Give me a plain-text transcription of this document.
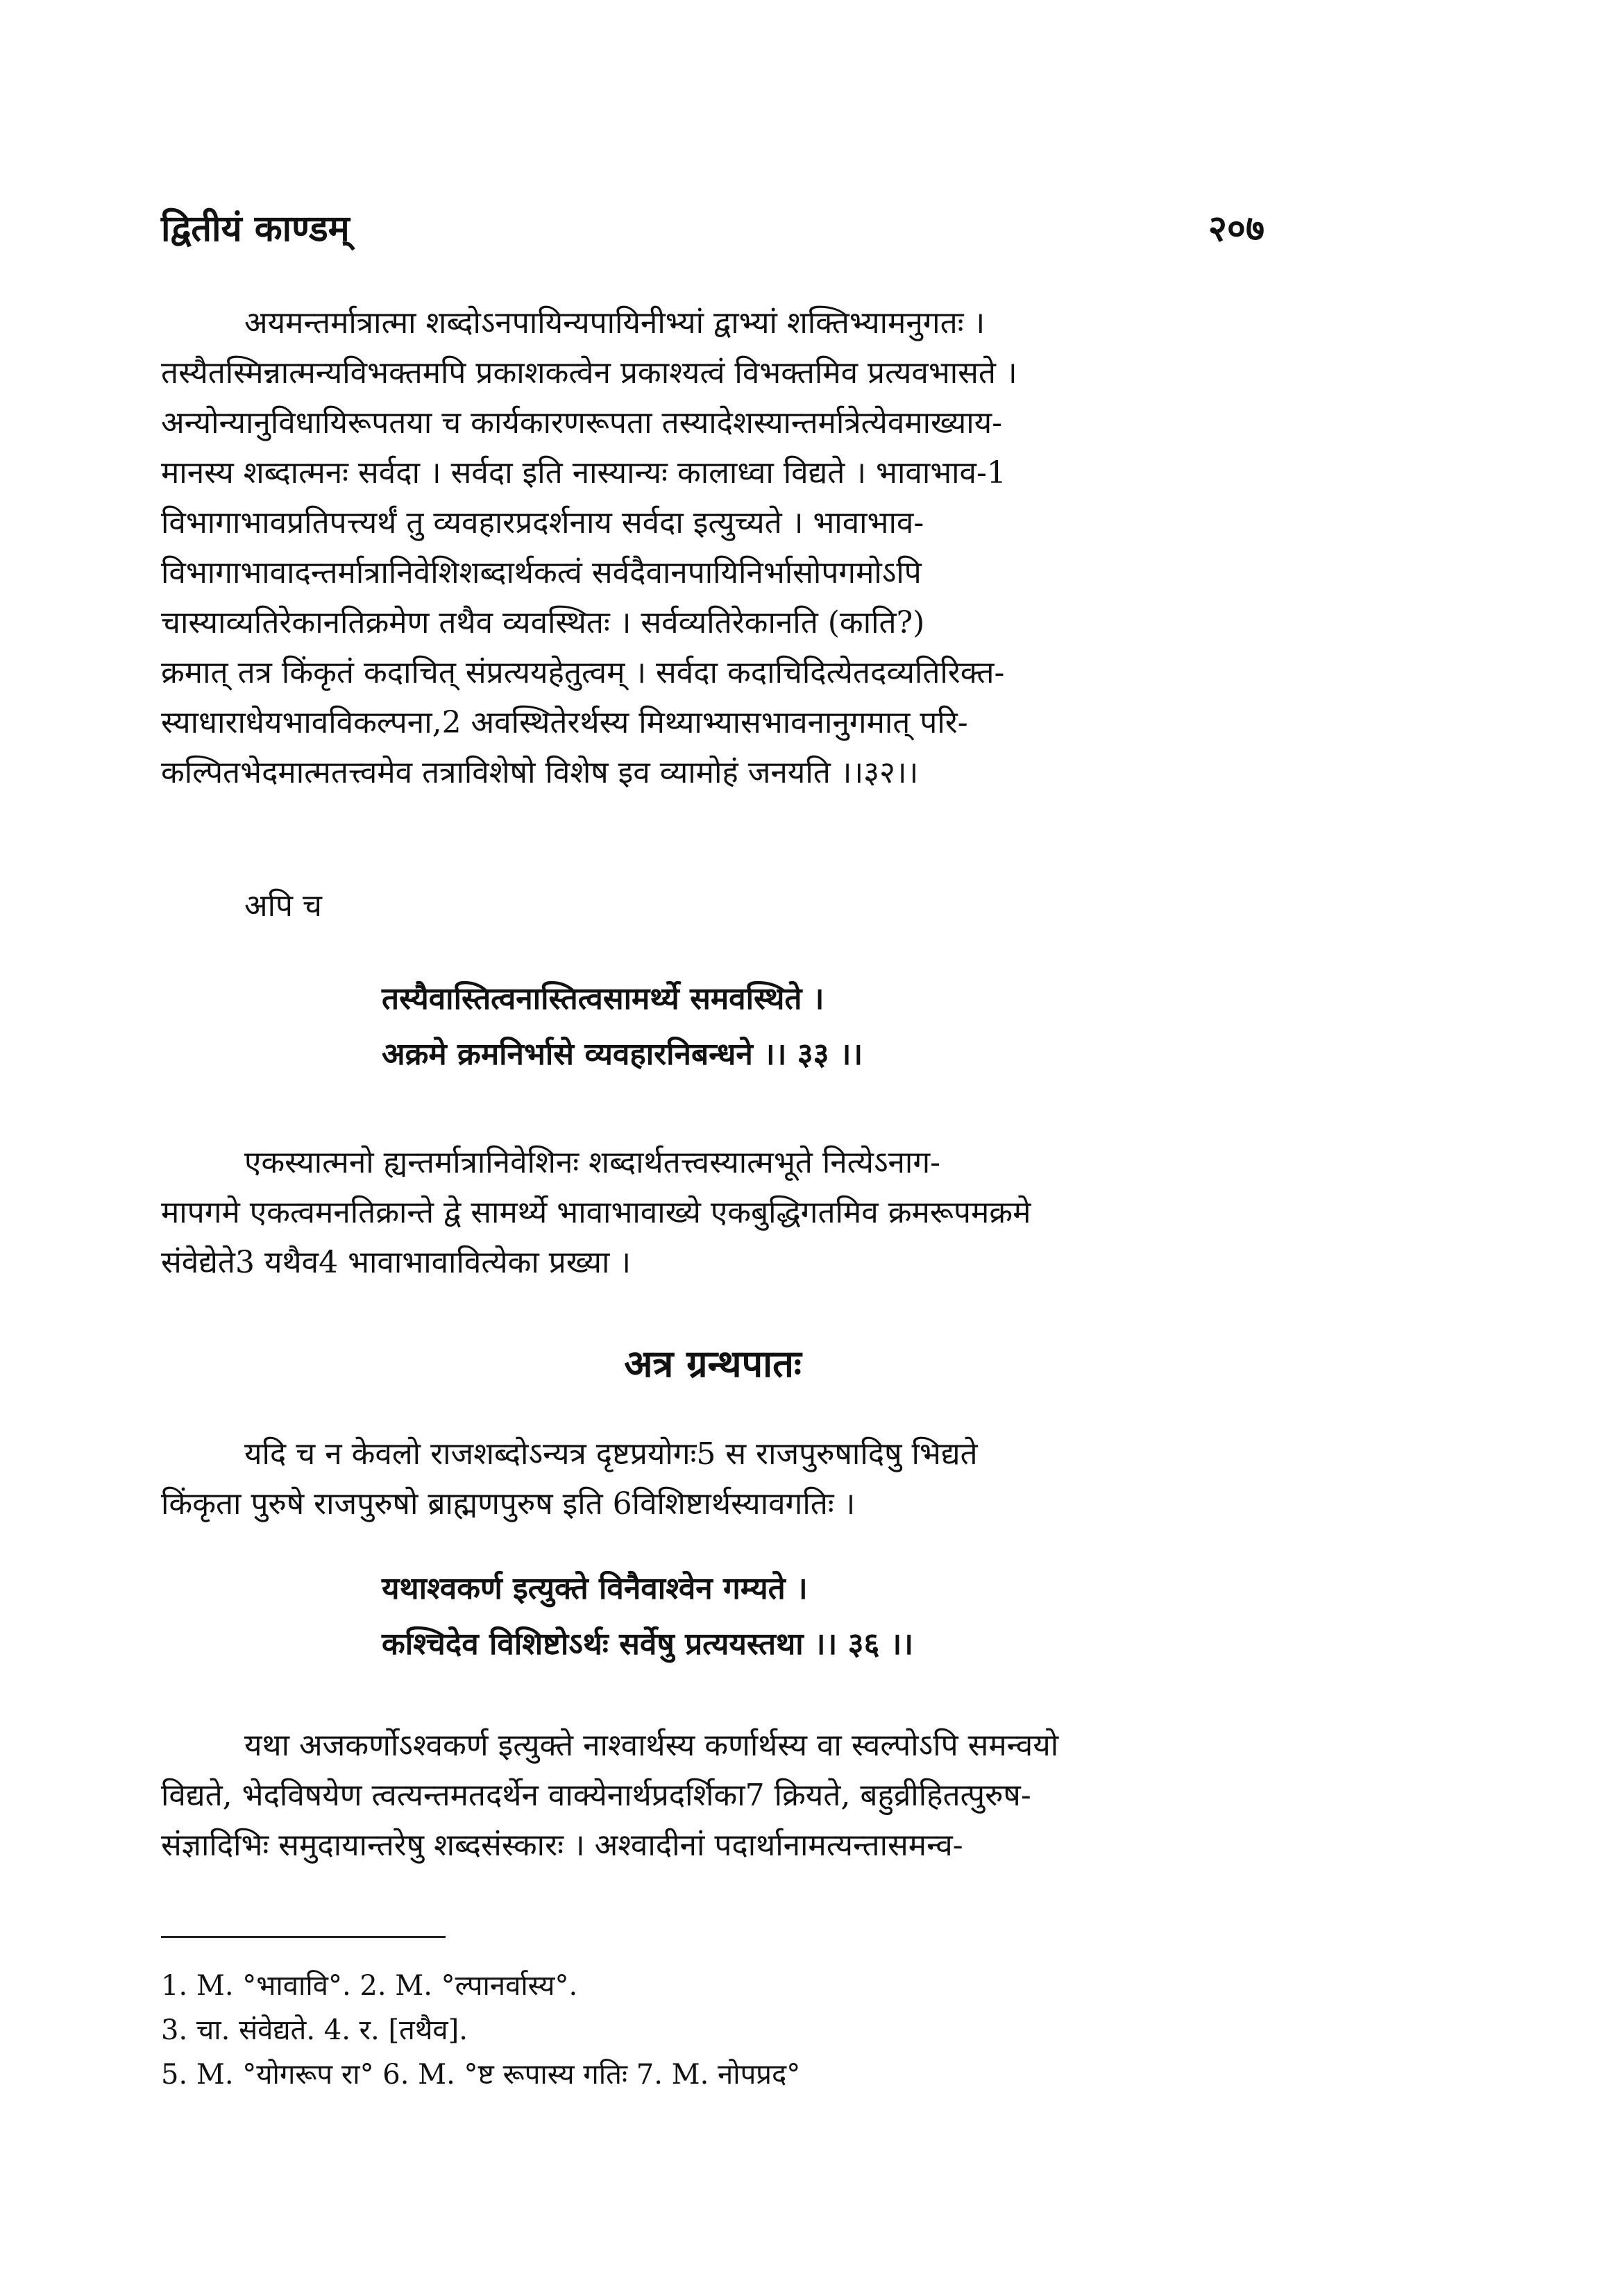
द्वितीयं काण्डम्	२०७
अयमन्तर्मात्रात्मा शब्दोऽनपायिन्यपायिनीभ्यां द्वाभ्यां शक्तिभ्यामनुगतः ।
तस्यैतस्मिन्नात्मन्यविभक्तमपि प्रकाशकत्वेन प्रकाश्यत्वं विभक्तमिव प्रत्यवभासते ।
अन्योन्यानुविधायिरूपतया च कार्यकारणरूपता तस्यादेशस्यान्तर्मात्रेत्येवमाख्याय-
मानस्य शब्दात्मनः सर्वदा । सर्वदा इति नास्यान्यः कालाध्वा विद्यते । भावाभाव-1
विभागाभावप्रतिपत्त्यर्थं तु व्यवहारप्रदर्शनाय सर्वदा इत्युच्यते । भावाभाव-
विभागाभावादन्तर्मात्रानिवेशिशब्दार्थकत्वं सर्वदैवानपायिनिर्भासोपगमोऽपि
चास्याव्यतिरेकानतिक्रमेण तथैव व्यवस्थितः । सर्वव्यतिरेकानति (काति?)
क्रमात् तत्र किंकृतं कदाचित् संप्रत्ययहेतुत्वम् । सर्वदा कदाचिदित्येतदव्यतिरिक्त-
स्याधाराधेयभावविकल्पना,2 अवस्थितेरर्थस्य मिथ्याभ्यासभावनानुगमात् परि-
कल्पितभेदमात्मतत्त्वमेव तत्राविशेषो विशेष इव व्यामोहं जनयति ।।३२।।
अपि च
तस्यैवास्तित्वनास्तित्वसामर्थ्ये समवस्थिते ।
अक्रमे क्रमनिर्भासे व्यवहारनिबन्धने ।। ३३ ।।
एकस्यात्मनो ह्यन्तर्मात्रानिवेशिनः शब्दार्थतत्त्वस्यात्मभूते नित्येऽनाग-
मापगमे एकत्वमनतिक्रान्ते द्वे सामर्थ्ये भावाभावाख्ये एकबुद्धिगतमिव क्रमरूपमक्रमे
संवेद्येते3 यथैव4 भावाभावावित्येका प्रख्या ।
अत्र ग्रन्थपातः
यदि च न केवलो राजशब्दोऽन्यत्र दृष्टप्रयोगः5 स राजपुरुषादिषु भिद्यते
किंकृता पुरुषे राजपुरुषो ब्राह्मणपुरुष इति 6विशिष्टार्थस्यावगतिः ।
यथाश्वकर्ण इत्युक्ते विनैवाश्वेन गम्यते ।
कश्चिदेव विशिष्टोऽर्थः सर्वेषु प्रत्ययस्तथा ।। ३६ ।।
यथा अजकर्णोऽश्वकर्ण इत्युक्ते नाश्वार्थस्य कर्णार्थस्य वा स्वल्पोऽपि समन्वयो
विद्यते, भेदविषयेण त्वत्यन्तमतदर्थेन वाक्येनार्थप्रदर्शिका7 क्रियते, बहुव्रीहितत्पुरुष-
संज्ञादिभिः समुदायान्तरेषु शब्दसंस्कारः । अश्वादीनां पदार्थानामत्यन्तासमन्व-
1. M. °भावावि°. 2. M. °ल्पानर्वास्य°.
3. चा. संवेद्यते. 4. र. [तथैव].
5. M. °योगरूप रा° 6. M. °ष्ट रूपास्य गतिः 7. M. नोपप्रद°
